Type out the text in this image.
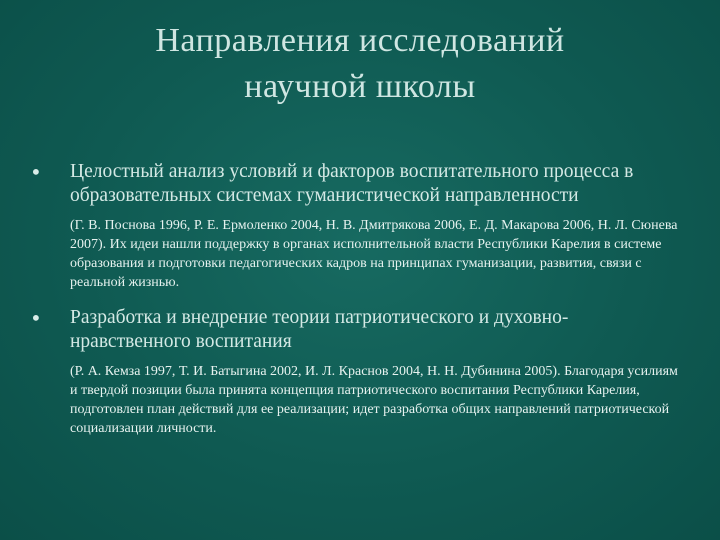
Направления исследований
научной школы
• Целостный анализ условий и факторов воспитательного процесса в образовательных системах гуманистической направленности
(Г. В. Поснова 1996, Р. Е. Ермоленко 2004, Н. В. Дмитрякова 2006, Е. Д. Макарова 2006, Н. Л. Сюнева 2007). Их идеи нашли поддержку в органах исполнительной власти Республики Карелия в системе образования и подготовки педагогических кадров на принципах гуманизации, развития, связи с реальной жизнью.
• Разработка и внедрение теории патриотического и духовно-нравственного воспитания
(Р. А. Кемза 1997, Т. И. Батыгина 2002, И. Л. Краснов 2004, Н. Н. Дубинина 2005). Благодаря усилиям и твердой позиции была принята концепция патриотического воспитания Республики Карелия, подготовлен план действий для ее реализации; идет разработка общих направлений патриотической социализации личности.
